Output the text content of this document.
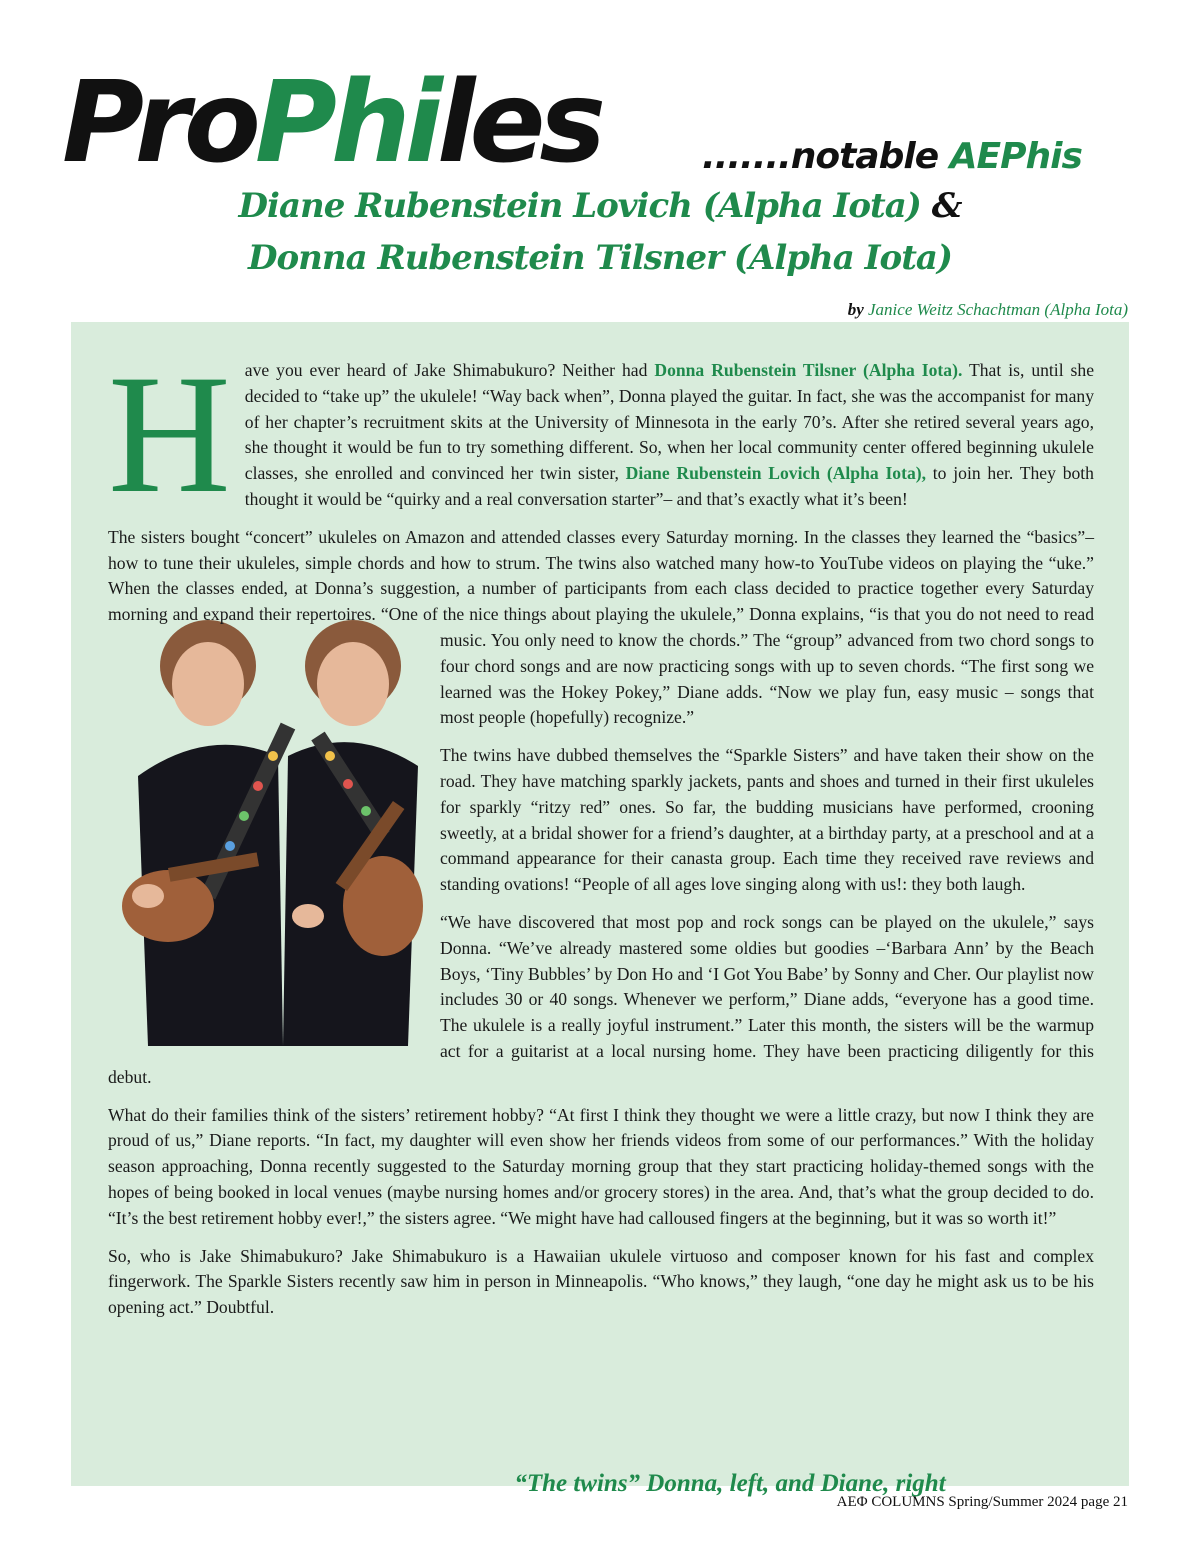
ProPhiles	.......notable AEPhis
Diane Rubenstein Lovich (Alpha Iota) &
Donna Rubenstein Tilsner (Alpha Iota)
by Janice Weitz Schachtman (Alpha Iota)

Have you ever heard of Jake Shimabukuro? Neither had Donna Rubenstein Tilsner (Alpha Iota). That is, until she decided to “take up” the ukulele! “Way back when”, Donna played the guitar. In fact, she was the accompanist for many of her chapter’s recruitment skits at the University of Minnesota in the early 70’s. After she retired several years ago, she thought it would be fun to try something different. So, when her local community center offered beginning ukulele classes, she enrolled and convinced her twin sister, Diane Rubenstein Lovich (Alpha Iota), to join her. They both thought it would be “quirky and a real conversation starter”– and that’s exactly what it’s been!

The sisters bought “concert” ukuleles on Amazon and attended classes every Saturday morning. In the classes they learned the “basics”– how to tune their ukuleles, simple chords and how to strum. The twins also watched many how-to YouTube videos on playing the “uke.” When the classes ended, at Donna’s suggestion, a number of participants from each class decided to practice together every Saturday morning and expand their repertoires. “One of the nice things about playing the ukulele,” Donna explains, “is that you do not need to read music. You only need to know the chords.” The “group” advanced from two chord songs to four chord songs and are now practicing songs with up to seven chords. “The first song we learned was the Hokey Pokey,” Diane adds. “Now we play fun, easy music – songs that most people (hopefully) recognize.”

The twins have dubbed themselves the “Sparkle Sisters” and have taken their show on the road. They have matching sparkly jackets, pants and shoes and turned in their first ukuleles for sparkly “ritzy red” ones. So far, the budding musicians have performed, crooning sweetly, at a bridal shower for a friend’s daughter, at a birthday party, at a preschool and at a command appearance for their canasta group. Each time they received rave reviews and standing ovations! “People of all ages love singing along with us!: they both laugh.

“We have discovered that most pop and rock songs can be played on the ukulele,” says Donna. “We’ve already mastered some oldies but goodies –‘Barbara Ann’ by the Beach Boys, ‘Tiny Bubbles’ by Don Ho and ‘I Got You Babe’ by Sonny and Cher. Our playlist now includes 30 or 40 songs. Whenever we perform,” Diane adds, “everyone has a good time. The ukulele is a really joyful instrument.” Later this month, the sisters will be the warmup act for a guitarist at a local nursing home. They have been practicing diligently for this debut.

What do their families think of the sisters’ retirement hobby? “At first I think they thought we were a little crazy, but now I think they are proud of us,” Diane reports. “In fact, my daughter will even show her friends videos from some of our performances.” With the holiday season approaching, Donna recently suggested to the Saturday morning group that they start practicing holiday-themed songs with the hopes of being booked in local venues (maybe nursing homes and/or grocery stores) in the area. And, that’s what the group decided to do. “It’s the best retirement hobby ever!,” the sisters agree. “We might have had calloused fingers at the beginning, but it was so worth it!”

So, who is Jake Shimabukuro? Jake Shimabukuro is a Hawaiian ukulele virtuoso and composer known for his fast and complex fingerwork. The Sparkle Sisters recently saw him in person in Minneapolis. “Who knows,” they laugh, “one day he might ask us to be his opening act.” Doubtful.

“The twins” Donna, left, and Diane, right
AEΦ COLUMNS Spring/Summer 2024 page 21
